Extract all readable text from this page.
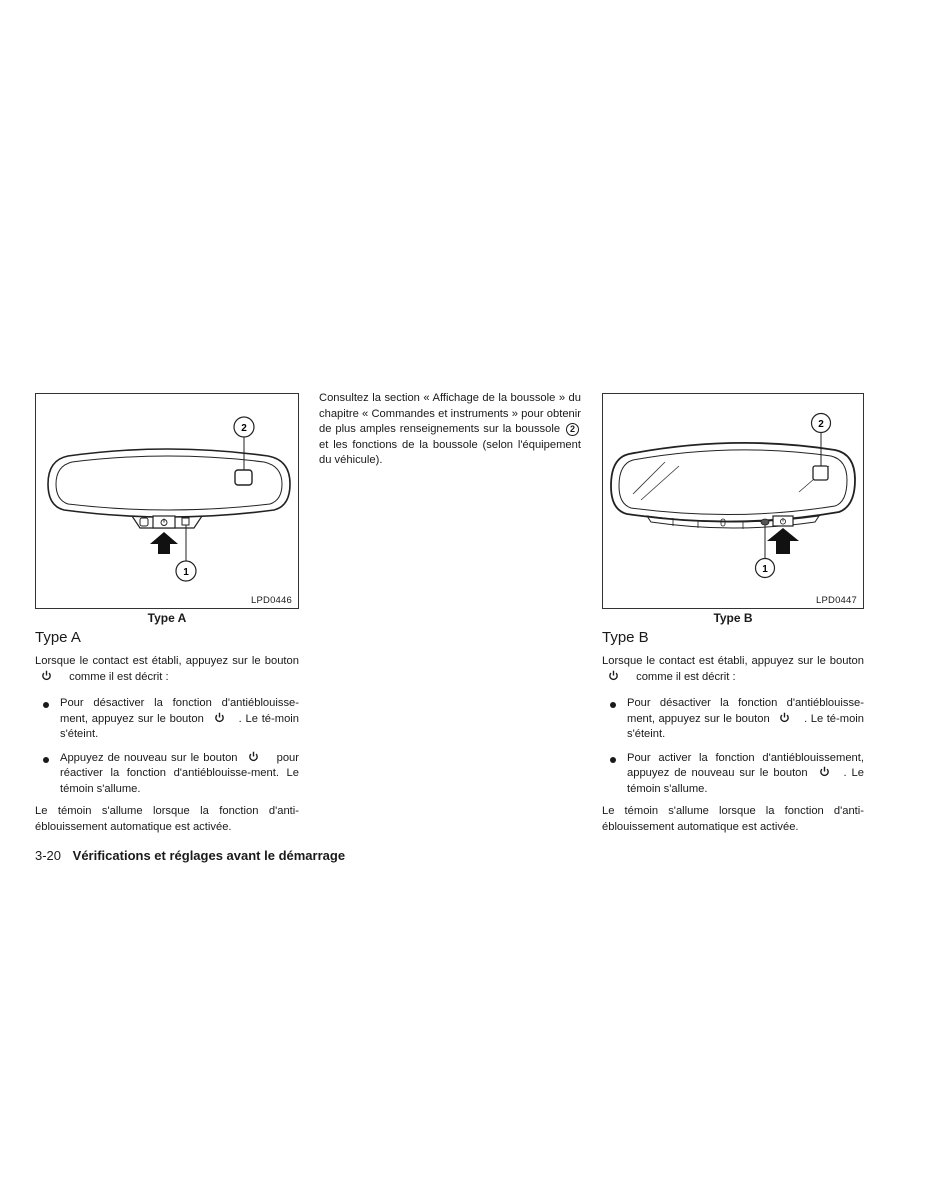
2
1
LPD0446
Type A
Type A

Lorsque le contact est établi, appuyez sur le bouton  comme il est décrit :

Pour désactiver la fonction d'antiéblouisse-ment, appuyez sur le bouton	. Le té-moin s'éteint.
Appuyez de nouveau sur le bouton	pour réactiver la fonction d'antiéblouisse-ment. Le témoin s'allume.

Le témoin s'allume lorsque la fonction d'anti-éblouissement automatique est activée.

Consultez la section « Affichage de la boussole » du chapitre « Commandes et instruments » pour obtenir de plus amples renseignements sur la boussole 2 et les fonctions de la boussole (selon l'équipement du véhicule).

2
1
LPD0447
Type B
Type B

Lorsque le contact est établi, appuyez sur le bouton  comme il est décrit :

Pour désactiver la fonction d'antiéblouisse-ment, appuyez sur le bouton	. Le té-moin s'éteint.
Pour activer la fonction d'antiéblouissement, appuyez de nouveau sur le bouton	. Le témoin s'allume.

Le témoin s'allume lorsque la fonction d'anti-éblouissement automatique est activée.

3-20 Vérifications et réglages avant le démarrage
